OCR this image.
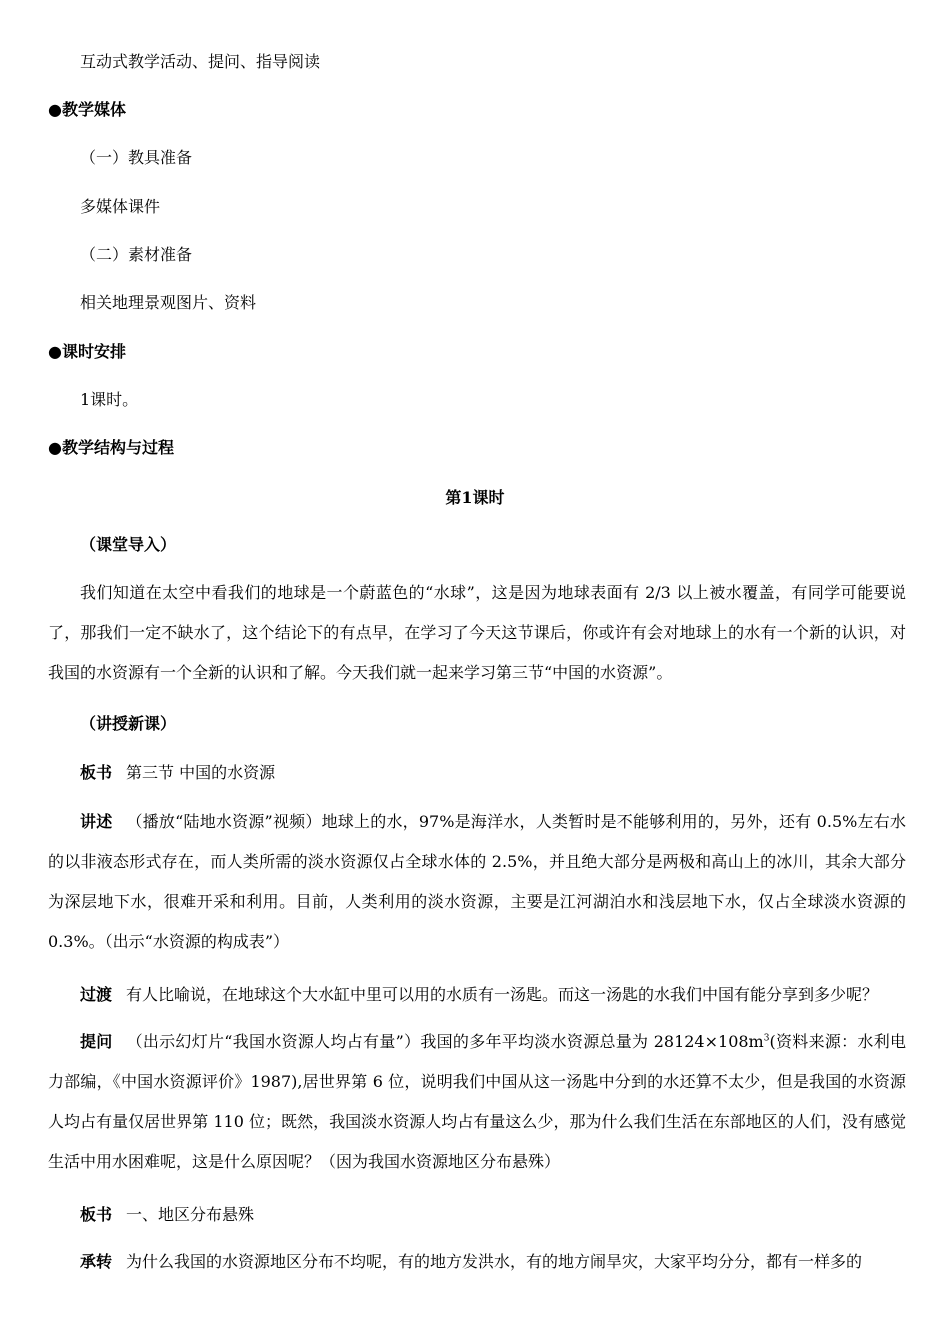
互动式教学活动、提问、指导阅读
●教学媒体
（一）教具准备
多媒体课件
（二）素材准备
相关地理景观图片、资料
●课时安排
1课时。
●教学结构与过程
第1课时
（课堂导入）
我们知道在太空中看我们的地球是一个蔚蓝色的“水球”，这是因为地球表面有 2/3 以上被水覆盖，有同学可能要说了，那我们一定不缺水了，这个结论下的有点早，在学习了今天这节课后，你或许有会对地球上的水有一个新的认识，对我国的水资源有一个全新的认识和了解。今天我们就一起来学习第三节“中国的水资源”。
（讲授新课）
板书 第三节 中国的水资源
讲述 （播放“陆地水资源”视频）地球上的水，97%是海洋水，人类暂时是不能够利用的，另外，还有 0.5%左右水的以非液态形式存在，而人类所需的淡水资源仅占全球水体的 2.5%，并且绝大部分是两极和高山上的冰川，其余大部分为深层地下水，很难开采和利用。目前，人类利用的淡水资源，主要是江河湖泊水和浅层地下水，仅占全球淡水资源的 0.3%。（出示“水资源的构成表”）
过渡 有人比喻说，在地球这个大水缸中里可以用的水质有一汤匙。而这一汤匙的水我们中国有能分享到多少呢？
提问 （出示幻灯片“我国水资源人均占有量”）我国的多年平均淡水资源总量为 $28124\times 108m^3$(资料来源：水利电力部编，《中国水资源评价》1987),居世界第 6 位，说明我们中国从这一汤匙中分到的水还算不太少，但是我国的水资源人均占有量仅居世界第 110 位；既然，我国淡水资源人均占有量这么少，那为什么我们生活在东部地区的人们，没有感觉生活中用水困难呢，这是什么原因呢？（因为我国水资源地区分布悬殊）
板书 一、地区分布悬殊
承转 为什么我国的水资源地区分布不均呢，有的地方发洪水，有的地方闹旱灾，大家平均分分，都有一样多的
